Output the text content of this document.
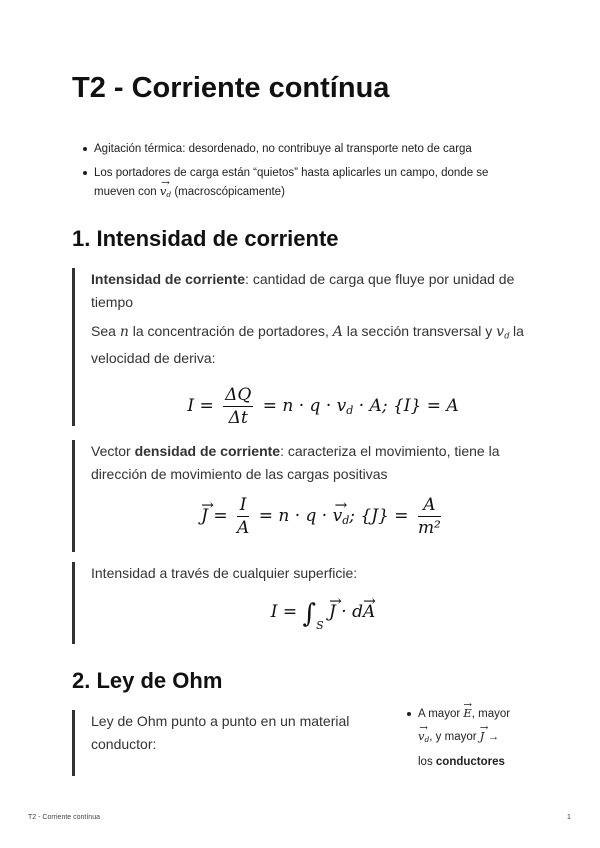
T2 - Corriente contínua
Agitación térmica: desordenado, no contribuye al transporte neto de carga
Los portadores de carga están “quietos” hasta aplicarles un campo, donde se mueven con → $v_d$ (macroscópicamente)
1. Intensidad de corriente

Intensidad de corriente: cantidad de carga que fluye por unidad de tiempo

Sea n la concentración de portadores, A la sección transversal y $v_d$ la velocidad de deriva:

$I = \frac{\Delta Q}{\Delta t} = n \cdot q \cdot v_d \cdot A$; {I} = A

Vector densidad de corriente: caracteriza el movimiento, tiene la dirección de movimiento de las cargas positivas

→ $J = \frac{I}{A} = n \cdot q$ · → $v_d$; $\{J\} = \frac{A}{\text{m²}}$

Intensidad a través de cualquier superficie:

$I = \int_S \to J \cdot d\to A$
2. Ley de Ohm

Ley de Ohm punto a punto en un material conductor:

A mayor → E, mayor
→ $v_d$, y mayor → J →
los conductores
T2 - Corriente contínua	1
